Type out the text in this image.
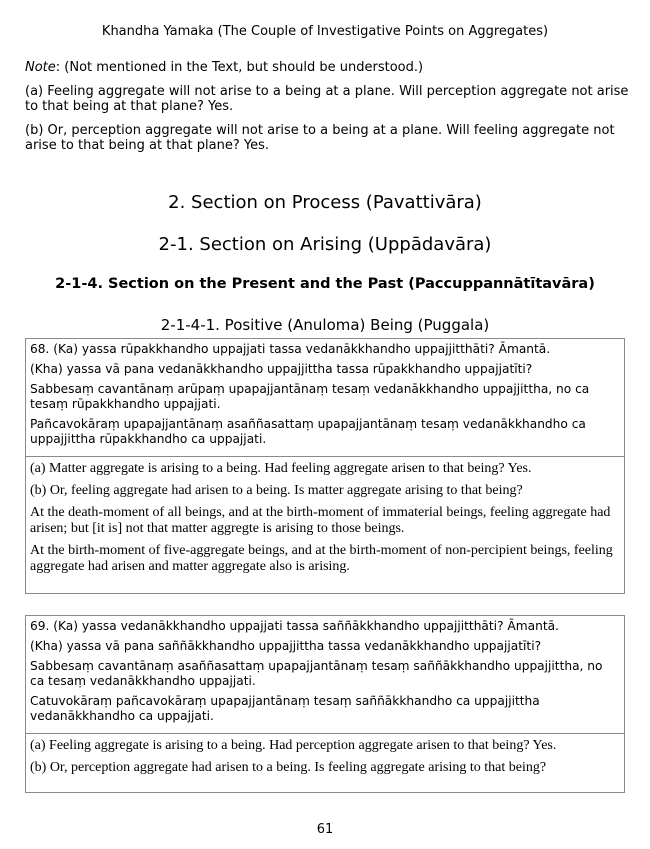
Khandha Yamaka (The Couple of Investigative Points on Aggregates)

Note: (Not mentioned in the Text, but should be understood.)

(a) Feeling aggregate will not arise to a being at a plane. Will perception aggregate not arise to that being at that plane? Yes.

(b) Or, perception aggregate will not arise to a being at a plane. Will feeling aggregate not arise to that being at that plane? Yes.

2. Section on Process (Pavattivāra)
2-1. Section on Arising (Uppādavāra)
2-1-4. Section on the Present and the Past (Paccuppannātītavāra)
2-1-4-1. Positive (Anuloma) Being (Puggala)

68. (Ka) yassa rūpakkhandho uppajjati tassa vedanākkhandho uppajjitthāti? Āmantā.

(Kha) yassa vā pana vedanākkhandho uppajjittha tassa rūpakkhandho uppajjatīti?

Sabbesaṃ cavantānaṃ arūpaṃ upapajjantānaṃ tesaṃ vedanākkhandho uppajjittha, no ca tesaṃ rūpakkhandho uppajjati.

Pañcavokāraṃ upapajjantānaṃ asaññasattaṃ upapajjantānaṃ tesaṃ vedanākkhandho ca uppajjittha rūpakkhandho ca uppajjati.

(a) Matter aggregate is arising to a being. Had feeling aggregate arisen to that being? Yes.

(b) Or, feeling aggregate had arisen to a being. Is matter aggregate arising to that being?

At the death-moment of all beings, and at the birth-moment of immaterial beings, feeling aggregate had arisen; but [it is] not that matter aggregte is arising to those beings.

At the birth-moment of five-aggregate beings, and at the birth-moment of non-percipient beings, feeling aggregate had arisen and matter aggregate also is arising.

69. (Ka) yassa vedanākkhandho uppajjati tassa saññākkhandho uppajjitthāti? Āmantā.

(Kha) yassa vā pana saññākkhandho uppajjittha tassa vedanākkhandho uppajjatīti?

Sabbesaṃ cavantānaṃ asaññasattaṃ upapajjantānaṃ tesaṃ saññākkhandho uppajjittha, no ca tesaṃ vedanākkhandho uppajjati.

Catuvokāraṃ pañcavokāraṃ upapajjantānaṃ tesaṃ saññākkhandho ca uppajjittha vedanākkhandho ca uppajjati.

(a) Feeling aggregate is arising to a being. Had perception aggregate arisen to that being? Yes.

(b) Or, perception aggregate had arisen to a being. Is feeling aggregate arising to that being?

61
